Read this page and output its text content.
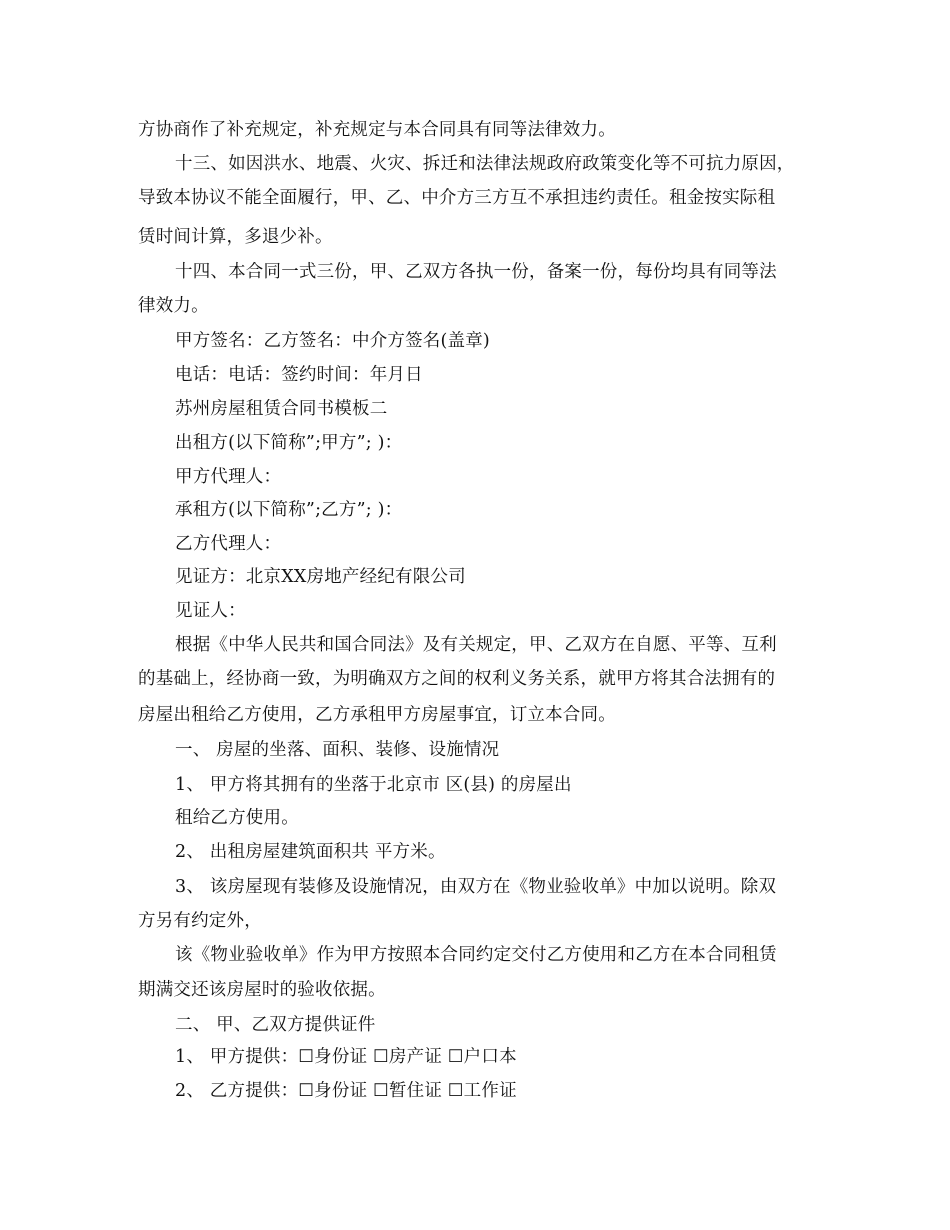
方协商作了补充规定，补充规定与本合同具有同等法律效力。

十三、如因洪水、地震、火灾、拆迁和法律法规政府政策变化等不可抗力原因，

导致本协议不能全面履行，甲、乙、中介方三方互不承担违约责任。租金按实际租

赁时间计算，多退少补。

十四、本合同一式三份，甲、乙双方各执一份，备案一份，每份均具有同等法

律效力。

甲方签名：乙方签名：中介方签名(盖章)

电话：电话：签约时间：年月日

苏州房屋租赁合同书模板二

出租方(以下简称”;甲方”; )：

甲方代理人：

承租方(以下简称”;乙方”; )：

乙方代理人：

见证方：北京XX房地产经纪有限公司

见证人：

根据《中华人民共和国合同法》及有关规定，甲、乙双方在自愿、平等、互利

的基础上，经协商一致，为明确双方之间的权利义务关系，就甲方将其合法拥有的

房屋出租给乙方使用，乙方承租甲方房屋事宜，订立本合同。

一、 房屋的坐落、面积、装修、设施情况

1、 甲方将其拥有的坐落于北京市 区(县) 的房屋出

租给乙方使用。

2、 出租房屋建筑面积共 平方米。

3、 该房屋现有装修及设施情况，由双方在《物业验收单》中加以说明。除双

方另有约定外，

该《物业验收单》作为甲方按照本合同约定交付乙方使用和乙方在本合同租赁

期满交还该房屋时的验收依据。

二、 甲、乙双方提供证件

1、 甲方提供：☐身份证 ☐房产证 ☐户口本

2、 乙方提供：☐身份证 ☐暂住证 ☐工作证
